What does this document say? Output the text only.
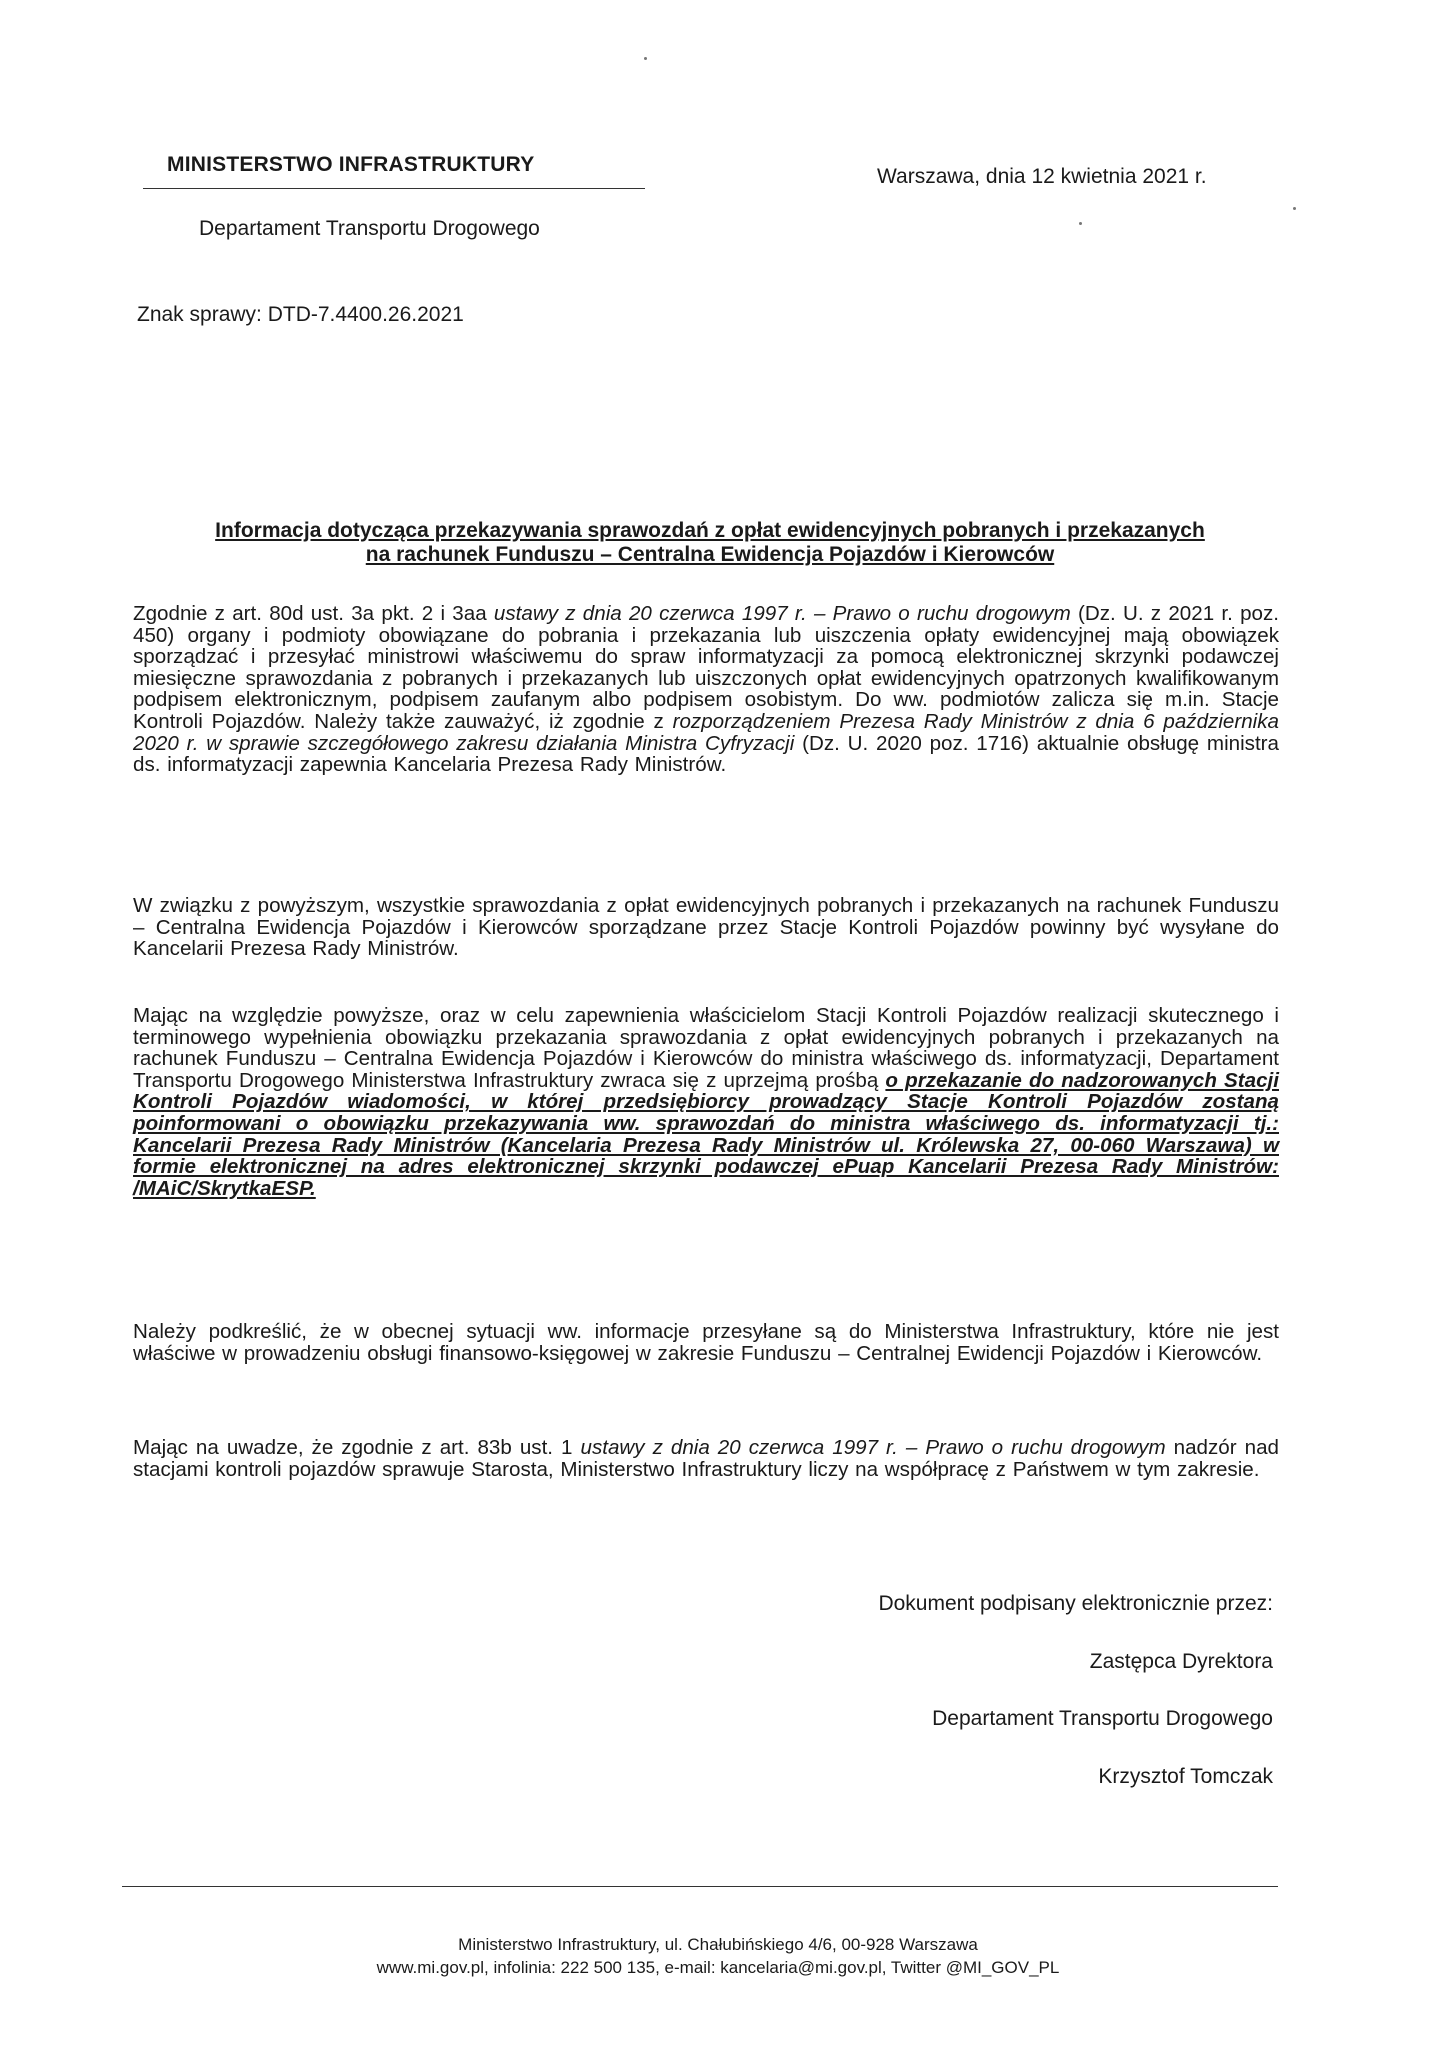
MINISTERSTWO INFRASTRUKTURY
Departament Transportu Drogowego
Warszawa, dnia 12 kwietnia 2021 r.
Znak sprawy: DTD-7.4400.26.2021
Informacja dotycząca przekazywania sprawozdań z opłat ewidencyjnych pobranych i przekazanych
na rachunek Funduszu – Centralna Ewidencja Pojazdów i Kierowców
Zgodnie z art. 80d ust. 3a pkt. 2 i 3aa ustawy z dnia 20 czerwca 1997 r. – Prawo o ruchu drogowym (Dz. U. z 2021 r. poz. 450) organy i podmioty obowiązane do pobrania i przekazania lub uiszczenia opłaty ewidencyjnej mają obowiązek sporządzać i przesyłać ministrowi właściwemu do spraw informatyzacji za pomocą elektronicznej skrzynki podawczej miesięczne sprawozdania z pobranych i przekazanych lub uiszczonych opłat ewidencyjnych opatrzonych kwalifikowanym podpisem elektronicznym, podpisem zaufanym albo podpisem osobistym. Do ww. podmiotów zalicza się m.in. Stacje Kontroli Pojazdów. Należy także zauważyć, iż zgodnie z rozporządzeniem Prezesa Rady Ministrów z dnia 6 października 2020 r. w sprawie szczegółowego zakresu działania Ministra Cyfryzacji (Dz. U. 2020 poz. 1716) aktualnie obsługę ministra ds. informatyzacji zapewnia Kancelaria Prezesa Rady Ministrów.
W związku z powyższym, wszystkie sprawozdania z opłat ewidencyjnych pobranych i przekazanych na rachunek Funduszu – Centralna Ewidencja Pojazdów i Kierowców sporządzane przez Stacje Kontroli Pojazdów powinny być wysyłane do Kancelarii Prezesa Rady Ministrów.
Mając na względzie powyższe, oraz w celu zapewnienia właścicielom Stacji Kontroli Pojazdów realizacji skutecznego i terminowego wypełnienia obowiązku przekazania sprawozdania z opłat ewidencyjnych pobranych i przekazanych na rachunek Funduszu – Centralna Ewidencja Pojazdów i Kierowców do ministra właściwego ds. informatyzacji, Departament Transportu Drogowego Ministerstwa Infrastruktury zwraca się z uprzejmą prośbą o przekazanie do nadzorowanych Stacji Kontroli Pojazdów wiadomości, w której przedsiębiorcy prowadzący Stacje Kontroli Pojazdów zostaną poinformowani o obowiązku przekazywania ww. sprawozdań do ministra właściwego ds. informatyzacji tj.: Kancelarii Prezesa Rady Ministrów (Kancelaria Prezesa Rady Ministrów ul. Królewska 27, 00-060 Warszawa) w formie elektronicznej na adres elektronicznej skrzynki podawczej ePuap Kancelarii Prezesa Rady Ministrów: /MAiC/SkrytkaESP.
Należy podkreślić, że w obecnej sytuacji ww. informacje przesyłane są do Ministerstwa Infrastruktury, które nie jest właściwe w prowadzeniu obsługi finansowo-księgowej w zakresie Funduszu – Centralnej Ewidencji Pojazdów i Kierowców.
Mając na uwadze, że zgodnie z art. 83b ust. 1 ustawy z dnia 20 czerwca 1997 r. – Prawo o ruchu drogowym nadzór nad stacjami kontroli pojazdów sprawuje Starosta, Ministerstwo Infrastruktury liczy na współpracę z Państwem w tym zakresie.
Dokument podpisany elektronicznie przez:
Zastępca Dyrektora
Departament Transportu Drogowego
Krzysztof Tomczak
Ministerstwo Infrastruktury, ul. Chałubińskiego 4/6, 00-928 Warszawa
www.mi.gov.pl, infolinia: 222 500 135, e-mail: kancelaria@mi.gov.pl, Twitter @MI_GOV_PL
